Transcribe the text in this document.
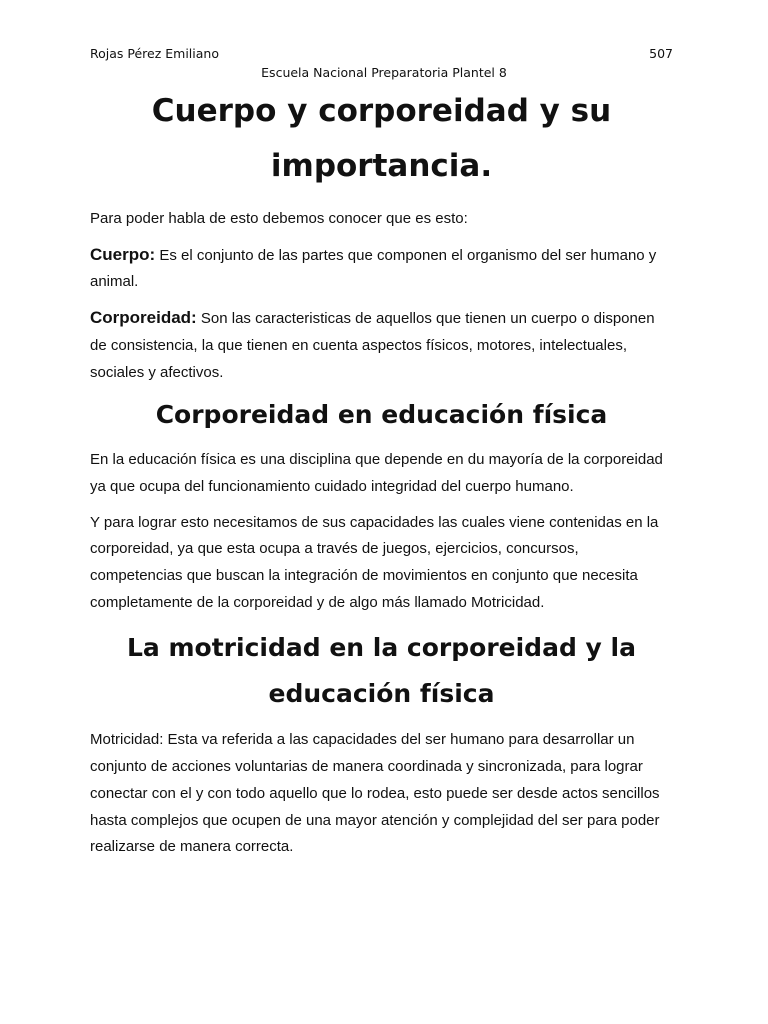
Rojas Pérez Emiliano	507
Escuela Nacional Preparatoria Plantel 8
Cuerpo y corporeidad y su
importancia.

Para poder habla de esto debemos conocer que es esto:

Cuerpo: Es el conjunto de las partes que componen el organismo del ser humano y animal.

Corporeidad: Son las caracteristicas de aquellos que tienen un cuerpo o disponen de consistencia, la que tienen en cuenta aspectos físicos, motores, intelectuales, sociales y afectivos.

Corporeidad en educación física

En la educación física es una disciplina que depende en du mayoría de la corporeidad ya que ocupa del funcionamiento cuidado integridad del cuerpo humano.

Y para lograr esto necesitamos de sus capacidades las cuales viene contenidas en la corporeidad, ya que esta ocupa a través de juegos, ejercicios, concursos, competencias que buscan la integración de movimientos en conjunto que necesita completamente de la corporeidad y de algo más llamado Motricidad.

La motricidad en la corporeidad y la
educación física

Motricidad: Esta va referida a las capacidades del ser humano para desarrollar un conjunto de acciones voluntarias de manera coordinada y sincronizada, para lograr conectar con el y con todo aquello que lo rodea, esto puede ser desde actos sencillos hasta complejos que ocupen de una mayor atención y complejidad del ser para poder realizarse de manera correcta.
